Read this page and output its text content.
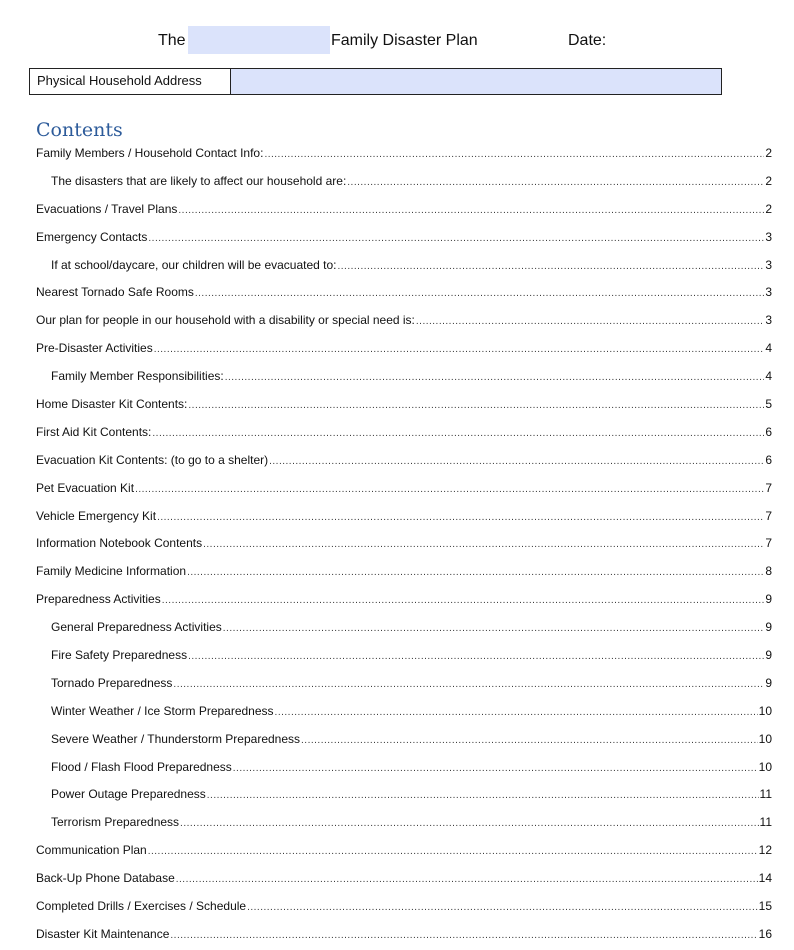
The	Family Disaster Plan	Date:
Physical Household Address
Contents
Family Members / Household Contact Info: .....	2
The disasters that are likely to affect our household are: .....	2
Evacuations / Travel Plans .....	2
Emergency Contacts .....	3
If at school/daycare, our children will be evacuated to: .....	3
Nearest Tornado Safe Rooms .....	3
Our plan for people in our household with a disability or special need is: .....	3
Pre-Disaster Activities .....	4
Family Member Responsibilities: .....	4
Home Disaster Kit Contents: .....	5
First Aid Kit Contents: .....	6
Evacuation Kit Contents: (to go to a shelter) .....	6
Pet Evacuation Kit .....	7
Vehicle Emergency Kit .....	7
Information Notebook Contents .....	7
Family Medicine Information .....	8
Preparedness Activities .....	9
General Preparedness Activities .....	9
Fire Safety Preparedness .....	9
Tornado Preparedness .....	9
Winter Weather / Ice Storm Preparedness .....	10
Severe Weather / Thunderstorm Preparedness .....	10
Flood / Flash Flood Preparedness .....	10
Power Outage Preparedness .....	11
Terrorism Preparedness .....	11
Communication Plan .....	12
Back-Up Phone Database .....	14
Completed Drills / Exercises / Schedule .....	15
Disaster Kit Maintenance .....	16
